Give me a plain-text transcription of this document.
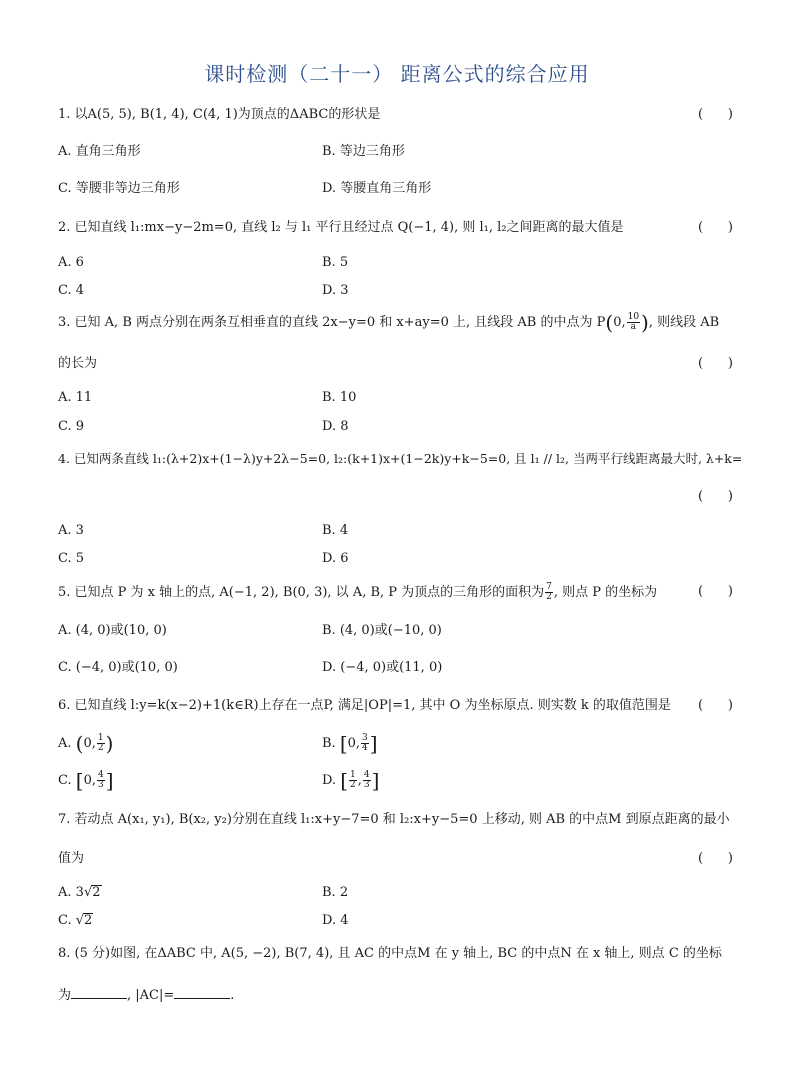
课时检测（二十一） 距离公式的综合应用
1. 以A(5, 5), B(1, 4), C(4, 1)为顶点的ΔABC的形状是	(      )
A. 直角三角形	B. 等边三角形
C. 等腰非等边三角形	D. 等腰直角三角形
2. 已知直线 l₁:mx−y−2m=0, 直线 l₂ 与 l₁ 平行且经过点 Q(−1, 4), 则 l₁, l₂之间距离的最大值是	(      )
A. 6	B. 5
C. 4	D. 3
3. 已知 A, B 两点分别在两条互相垂直的直线 2x−y=0 和 x+ay=0 上, 且线段 AB 的中点为 P(0, $\frac{10}{a}$ ), 则线段 AB
的长为	(      )
A. 11	B. 10
C. 9	D. 8
4. 已知两条直线 l₁:(λ+2)x+(1−λ)y+2λ−5=0, l₂:(k+1)x+(1−2k)y+k−5=0, 且 l₁ // l₂, 当两平行线距离最大时, λ+k=
(      )
A. 3	B. 4
C. 5	D. 6
5. 已知点 P 为 x 轴上的点, A(−1, 2), B(0, 3), 以 A, B, P 为顶点的三角形的面积为 $\frac{7}{2}$ , 则点 P 的坐标为	(      )
A. (4, 0)或(10, 0)	B. (4, 0)或(−10, 0)
C. (−4, 0)或(10, 0)	D. (−4, 0)或(11, 0)
6. 已知直线 l:y=k(x−2)+1(k∈R)上存在一点P, 满足|OP|=1, 其中 O 为坐标原点. 则实数 k 的取值范围是 (      )
A. (0, $\frac{1}{2}$ )	B. [0, $\frac{3}{4}$ ]
C. [0, $\frac{4}{3}$ ]	D. [ $\frac{1}{2}$ , $\frac{4}{3}$ ]
7. 若动点 A(x₁, y₁), B(x₂, y₂)分别在直线 l₁:x+y−7=0 和 l₂:x+y−5=0 上移动, 则 AB 的中点M 到原点距离的最小
值为	(      )
A. 3√2	B. 2
C. √2	D. 4
8. (5 分)如图, 在ΔABC 中, A(5, −2), B(7, 4), 且 AC 的中点M 在 y 轴上, BC 的中点N 在 x 轴上, 则点 C 的坐标
为	, |AC|=	.
